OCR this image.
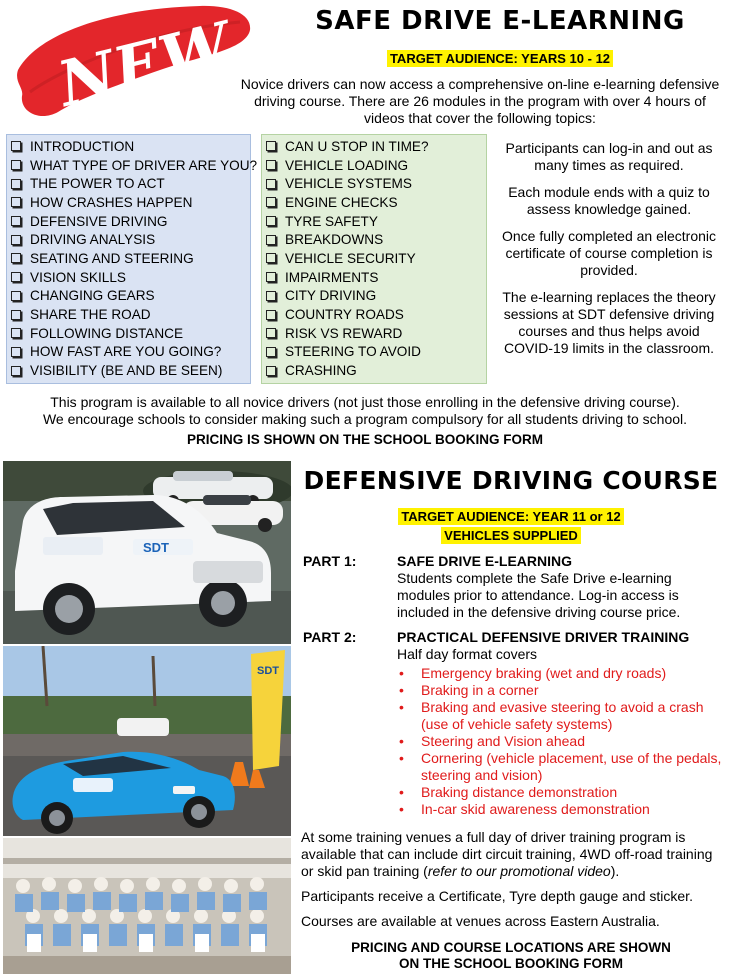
NEW	SAFE DRIVE E-LEARNING
TARGET AUDIENCE: YEARS 10 - 12
Novice drivers can now access a comprehensive on-line e-learning defensive driving course. There are 26 modules in the program with over 4 hours of videos that cover the following topics:
INTRODUCTION
WHAT TYPE OF DRIVER ARE YOU?
THE POWER TO ACT
HOW CRASHES HAPPEN
DEFENSIVE DRIVING
DRIVING ANALYSIS
SEATING AND STEERING
VISION SKILLS
CHANGING GEARS
SHARE THE ROAD
FOLLOWING DISTANCE
HOW FAST ARE YOU GOING?
VISIBILITY (BE AND BE SEEN)
CAN U STOP IN TIME?
VEHICLE LOADING
VEHICLE SYSTEMS
ENGINE CHECKS
TYRE SAFETY
BREAKDOWNS
VEHICLE SECURITY
IMPAIRMENTS
CITY DRIVING
COUNTRY ROADS
RISK VS REWARD
STEERING TO AVOID
CRASHING

Participants can log-in and out as many times as required.

Each module ends with a quiz to assess knowledge gained.

Once fully completed an electronic certificate of course completion is provided.

The e-learning replaces the theory sessions at SDT defensive driving courses and thus helps avoid COVID-19 limits in the classroom.

This program is available to all novice drivers (not just those enrolling in the defensive driving course).
We encourage schools to consider making such a program compulsory for all students driving to school.
PRICING IS SHOWN ON THE SCHOOL BOOKING FORM
SDT
SDT
DEFENSIVE DRIVING COURSE
TARGET AUDIENCE: YEAR 11 or 12
VEHICLES SUPPLIED
PART 1:	SAFE DRIVE E-LEARNING
Students complete the Safe Drive e-learning modules prior to attendance. Log-in access is included in the defensive driving course price.
PART 2:	PRACTICAL DEFENSIVE DRIVER TRAINING
Half day format covers
• Emergency braking (wet and dry roads)
• Braking in a corner
• Braking and evasive steering to avoid a crash (use of vehicle safety systems)
• Steering and Vision ahead
• Cornering (vehicle placement, use of the pedals, steering and vision)
• Braking distance demonstration
• In-car skid awareness demonstration

At some training venues a full day of driver training program is available that can include dirt circuit training, 4WD off-road training or skid pan training (refer to our promotional video).

Participants receive a Certificate, Tyre depth gauge and sticker.

Courses are available at venues across Eastern Australia.

PRICING AND COURSE LOCATIONS ARE SHOWN
ON THE SCHOOL BOOKING FORM
